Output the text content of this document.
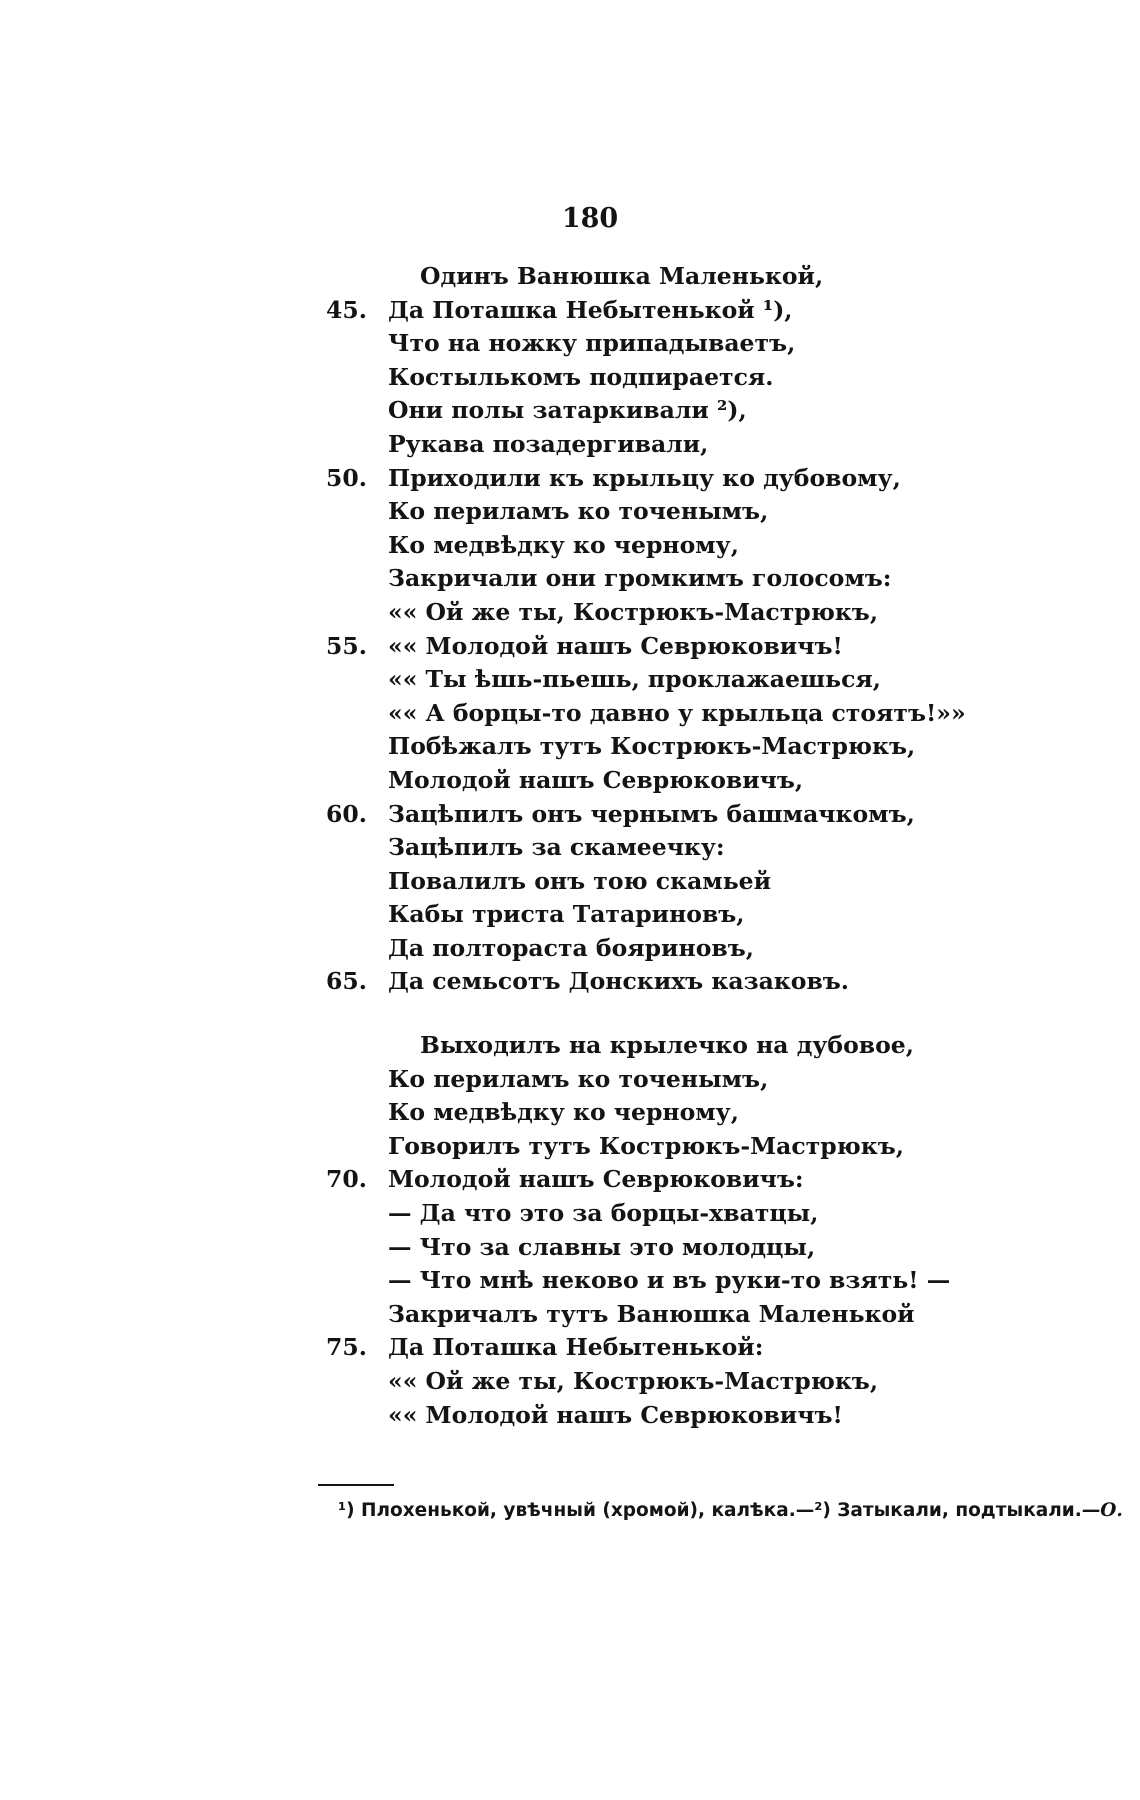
180
Одинъ Ванюшка Маленькой,
45. Да Поташка Небытенькой ¹),
Что на ножку припадываетъ,
Костылькомъ подпирается.
Они полы затаркивали ²),
Рукава позадергивали,
50. Приходили къ крыльцу ко дубовому,
Ко периламъ ко точенымъ,
Ко медвѣдку ко черному,
Закричали они громкимъ голосомъ:
«« Ой же ты, Кострюкъ-Мастрюкъ,
55. «« Молодой нашъ Севрюковичъ!
«« Ты ѣшь-пьешь, проклажаешься,
«« А борцы-то давно у крыльца стоятъ!»»
Побѣжалъ тутъ Кострюкъ-Мастрюкъ,
Молодой нашъ Севрюковичъ,
60. Зацѣпилъ онъ чернымъ башмачкомъ,
Зацѣпилъ за скамеечку:
Повалилъ онъ тою скамьей
Кабы триста Татариновъ,
Да полтораста бояриновъ,
65. Да семьсотъ Донскихъ казаковъ.
Выходилъ на крылечко на дубовое,
Ко периламъ ко точенымъ,
Ко медвѣдку ко черному,
Говорилъ тутъ Кострюкъ-Мастрюкъ,
70. Молодой нашъ Севрюковичъ:
— Да что это за борцы-хватцы,
— Что за славны это молодцы,
— Что мнѣ неково и въ руки-то взять! —
Закричалъ тутъ Ванюшка Маленькой
75. Да Поташка Небытенькой:
«« Ой же ты, Кострюкъ-Мастрюкъ,
«« Молодой нашъ Севрюковичъ!
¹) Плохенькой, увѣчный (хромой), калѣка.—²) Затыкали, подтыкали.—О.
